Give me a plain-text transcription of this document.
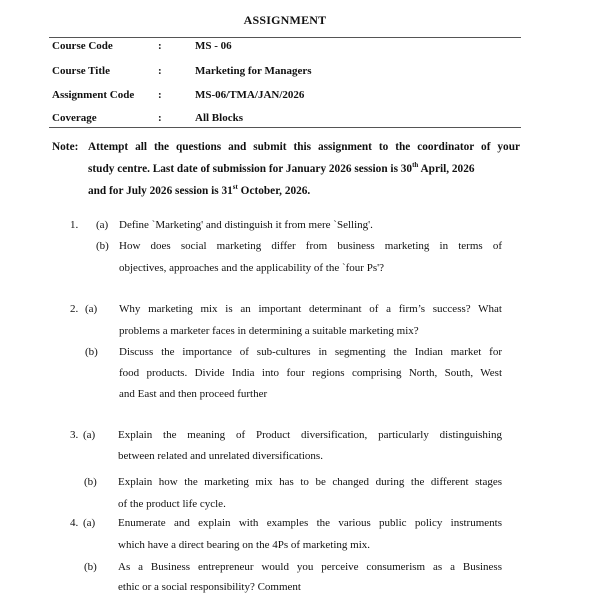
ASSIGNMENT
Course Code	:	MS - 06
Course Title	:	Marketing for Managers
Assignment Code	:	MS-06/TMA/JAN/2026
Coverage	:	All Blocks
Note: Attempt all the questions and submit this assignment to the coordinator of your
study centre. Last date of submission for January 2026 session is 30th April, 2026
and for July 2026 session is 31st October, 2026.
1. (a) Define `Marketing' and distinguish it from mere `Selling'.
(b) How does social marketing differ from business marketing in terms of
objectives, approaches and the applicability of the `four Ps'?
2. (a) Why marketing mix is an important determinant of a firm’s success? What
problems a marketer faces in determining a suitable marketing mix?
(b) Discuss the importance of sub-cultures in segmenting the Indian market for
food products. Divide India into four regions comprising North, South, West
and East and then proceed further
3. (a) Explain the meaning of Product diversification, particularly distinguishing
between related and unrelated diversifications.
(b) Explain how the marketing mix has to be changed during the different stages
of the product life cycle.
4. (a) Enumerate and explain with examples the various public policy instruments
which have a direct bearing on the 4Ps of marketing mix.
(b) As a Business entrepreneur would you perceive consumerism as a Business
ethic or a social responsibility? Comment
